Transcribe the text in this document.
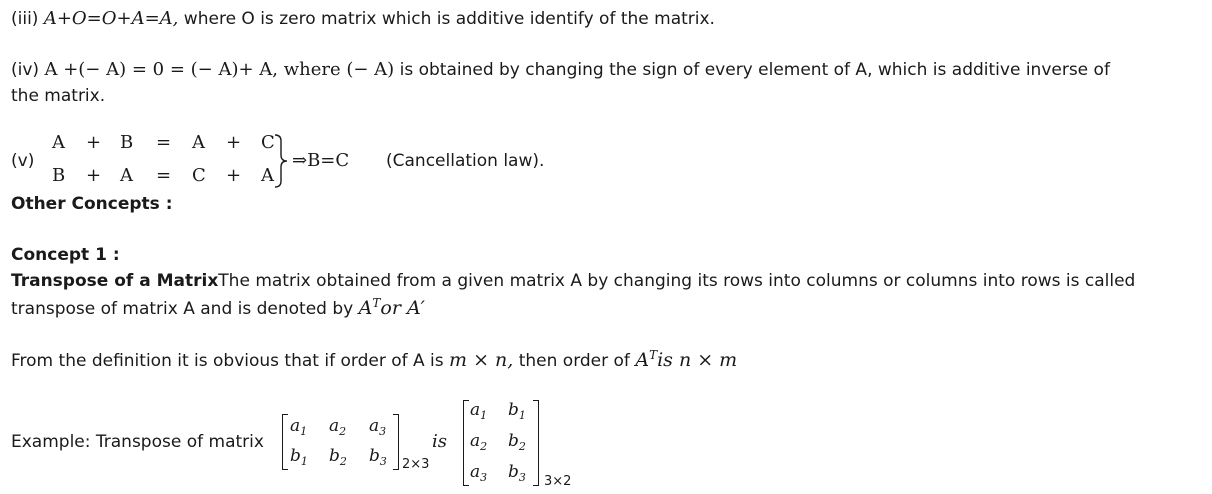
(iii) A+O=O+A=A, where O is zero matrix which is additive identify of the matrix.
(iv) A +(− A) = 0 = (− A)+ A, where (− A) is obtained by changing the sign of every element of A, which is additive inverse of
the matrix.
(v)
A + B = A + C
B + A = C + A
⇒B=C (Cancellation law).
Other Concepts :
Concept 1 :
Transpose of a MatrixThe matrix obtained from a given matrix A by changing its rows into columns or columns into rows is called
transpose of matrix A and is denoted by $A^Tor$ A′
From the definition it is obvious that if order of A is m × n, then order of $A^Tis$ n × m
Example: Transpose of matrix
$a_1$ $a_2$ $a_3$
$b_1$ $b_2$ $b_3$ 2×3
is
$a_1$ $b_1$
$a_2$ $b_2$
$a_3$ $b_3$ 3×2
